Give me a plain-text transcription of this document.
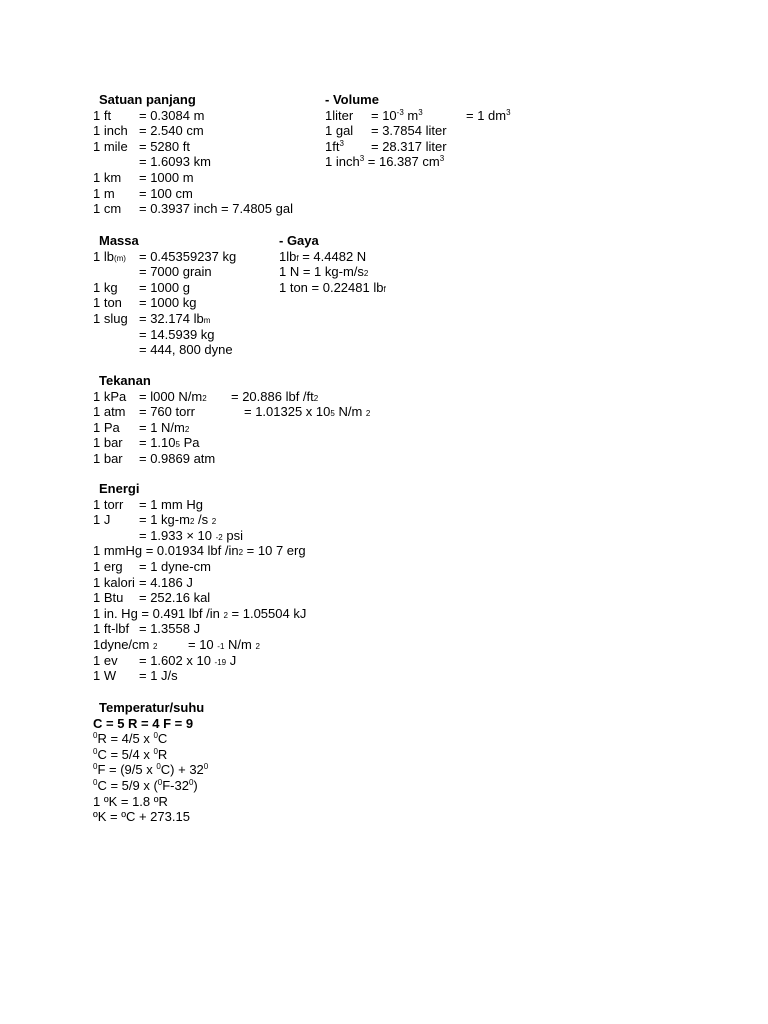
Satuan panjang
1 ft = 0.3084 m
1 inch = 2.540 cm
1 mile = 5280 ft
= 1.6093 km
1 km = 1000 m
1 m = 100 cm
1 cm = 0.3937 inch = 7.4805 gal
- Volume
1liter = $10^{-3}$ $m^3$	= 1 $dm^3$
1 gal = 3.7854 liter
$1ft^3 = 28.317$ liter
1 inch$^3$ = 16.387 $cm^3$
Massa
1 lb(m) = 0.45359237 kg
= 7000 grain
1 kg = 1000 g
1 ton = 1000 kg
1 slug = 32.174 lbm
= 14.5939 kg
= 444, 800 dyne
- Gaya
1lbf = 4.4482 N
1 N = 1 kg-m/s2
1 ton = 0.22481 lbf
Tekanan
1 kPa = l000 N/m2 = 20.886 lbf /ft2
1 atm = 760 torr	= 1.01325 x 105 N/m 2
1 Pa = 1 N/m2
1 bar = 1.105 Pa
1 bar = 0.9869 atm
Energi
1 torr = 1 mm Hg
1 J = 1 kg-m2 /s 2
= 1.933 × 10 -2 psi
1 mmHg = 0.01934 lbf /in2 = 10 7 erg
1 erg = 1 dyne-cm
1 kalori = 4.186 J
1 Btu = 252.16 kal
1 in. Hg = 0.491 lbf /in 2 = 1.05504 kJ
1 ft-lbf = 1.3558 J
1dyne/cm 2 = 10 -1 N/m 2
1 ev = 1.602 x 10 -19 J
1 W = 1 J/s
Temperatur/suhu
C = 5 R = 4 F = 9
$^0$R = 4/5 x $^0$C
$^0$C = 5/4 x $^0$R
$^0$F = (9/5 x $^0C) + 32^0$
$^0$C = 5/9 x $(^0F-32^0)$
1 ºK = 1.8 ºR
ºK = ºC + 273.15
